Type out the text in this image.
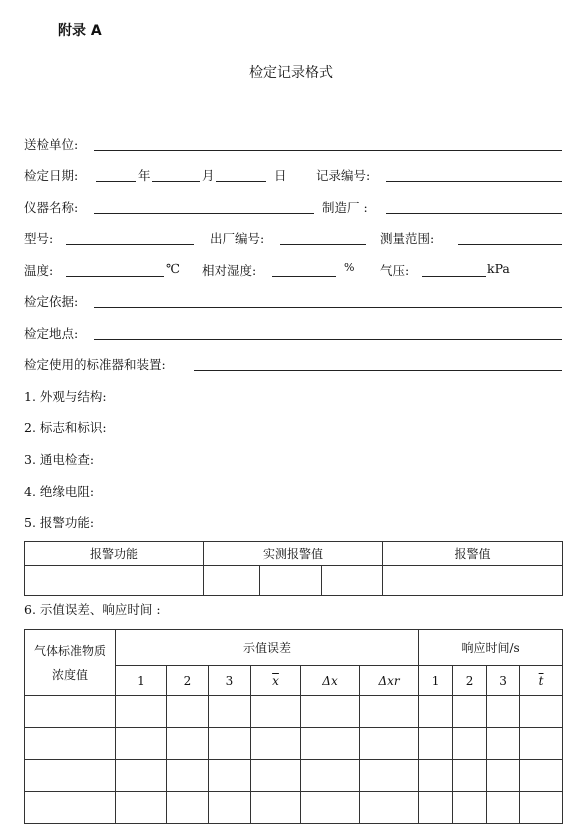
附录 A
检定记录格式
送检单位:
检定日期:	年	月	日 记录编号:
仪器名称:	制造厂 :
型号:	出厂编号:	测量范围:
温度:	℃ 相对湿度:	% 气压:	kPa
检定依据:
检定地点:
检定使用的标准器和装置:
1. 外观与结构:
2. 标志和标识:
3. 通电检查:
4. 绝缘电阻:
5. 报警功能:
报警功能	实测报警值			报警值

6. 示值误差、响应时间 :
气体标准物质浓度值	示值误差						响应时间/s			
	1	2	3	$\overline{x}$	Δx	Δxr	1	2	3	$\overline{t}$
